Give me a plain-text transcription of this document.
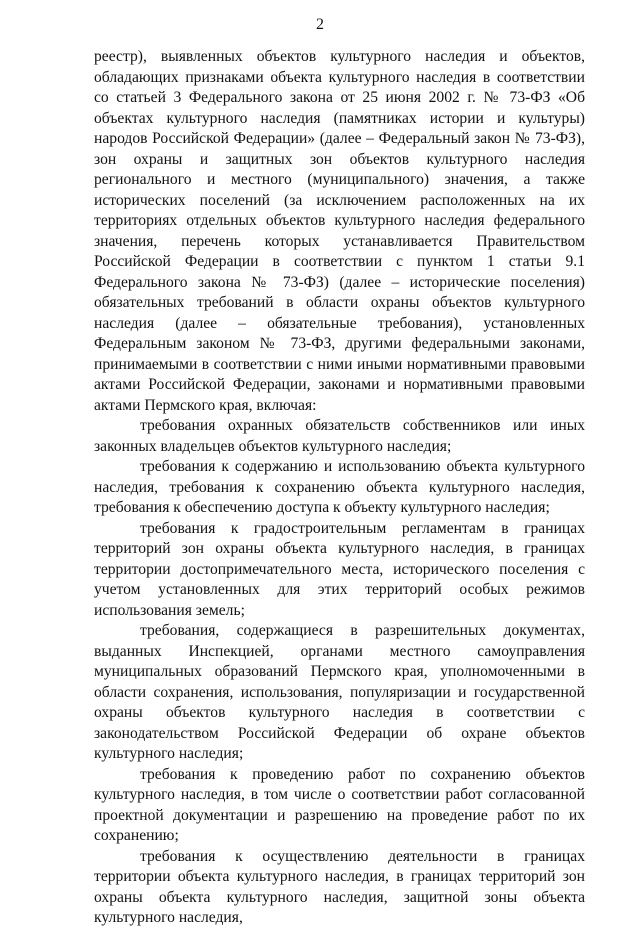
2

реестр), выявленных объектов культурного наследия и объектов, обладающих признаками объекта культурного наследия в соответствии со статьей 3 Федерального закона от 25 июня 2002 г. № 73-ФЗ «Об объектах культурного наследия (памятниках истории и культуры) народов Российской Федерации» (далее – Федеральный закон № 73-ФЗ), зон охраны и защитных зон объектов культурного наследия регионального и местного (муниципального) значения, а также исторических поселений (за исключением расположенных на их территориях отдельных объектов культурного наследия федерального значения, перечень которых устанавливается Правительством Российской Федерации в соответствии с пунктом 1 статьи 9.1 Федерального закона № 73-ФЗ) (далее – исторические поселения) обязательных требований в области охраны объектов культурного наследия (далее – обязательные требования), установленных Федеральным законом № 73-ФЗ, другими федеральными законами, принимаемыми в соответствии с ними иными нормативными правовыми актами Российской Федерации, законами и нормативными правовыми актами Пермского края, включая:

требования охранных обязательств собственников или иных законных владельцев объектов культурного наследия;

требования к содержанию и использованию объекта культурного наследия, требования к сохранению объекта культурного наследия, требования к обеспечению доступа к объекту культурного наследия;

требования к градостроительным регламентам в границах территорий зон охраны объекта культурного наследия, в границах территории достопримечательного места, исторического поселения с учетом установленных для этих территорий особых режимов использования земель;

требования, содержащиеся в разрешительных документах, выданных Инспекцией, органами местного самоуправления муниципальных образований Пермского края, уполномоченными в области сохранения, использования, популяризации и государственной охраны объектов культурного наследия в соответствии с законодательством Российской Федерации об охране объектов культурного наследия;

требования к проведению работ по сохранению объектов культурного наследия, в том числе о соответствии работ согласованной проектной документации и разрешению на проведение работ по их сохранению;

требования к осуществлению деятельности в границах территории объекта культурного наследия, в границах территорий зон охраны объекта культурного наследия, защитной зоны объекта культурного наследия,
